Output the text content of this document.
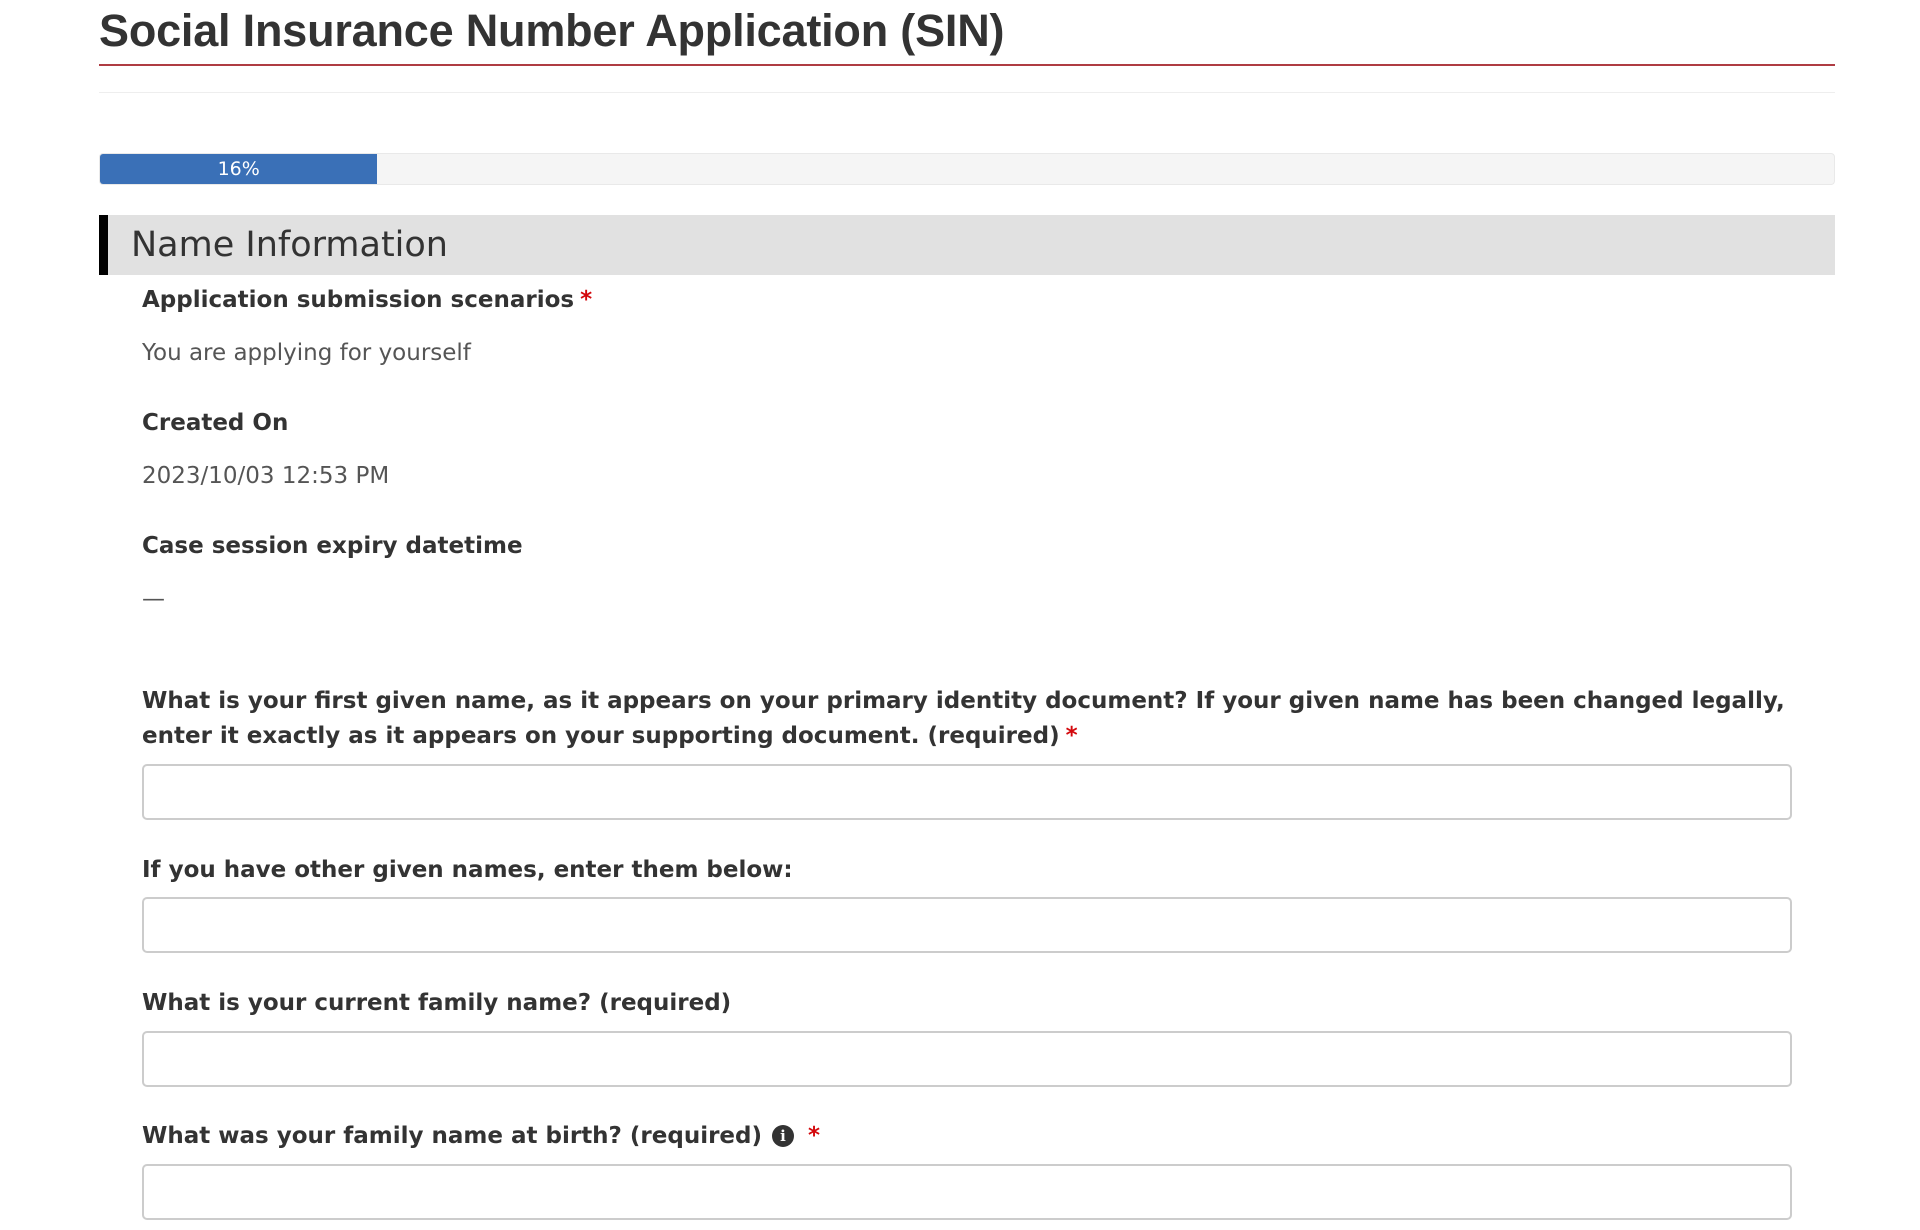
Social Insurance Number Application (SIN)
16%
Name Information
Application submission scenarios *
You are applying for yourself
Created On
2023/10/03 12:53 PM
Case session expiry datetime
—
What is your first given name, as it appears on your primary identity document? If your given name has been changed legally, enter it exactly as it appears on your supporting document. (required) *
If you have other given names, enter them below:
What is your current family name? (required)
What was your family name at birth? (required) i *
